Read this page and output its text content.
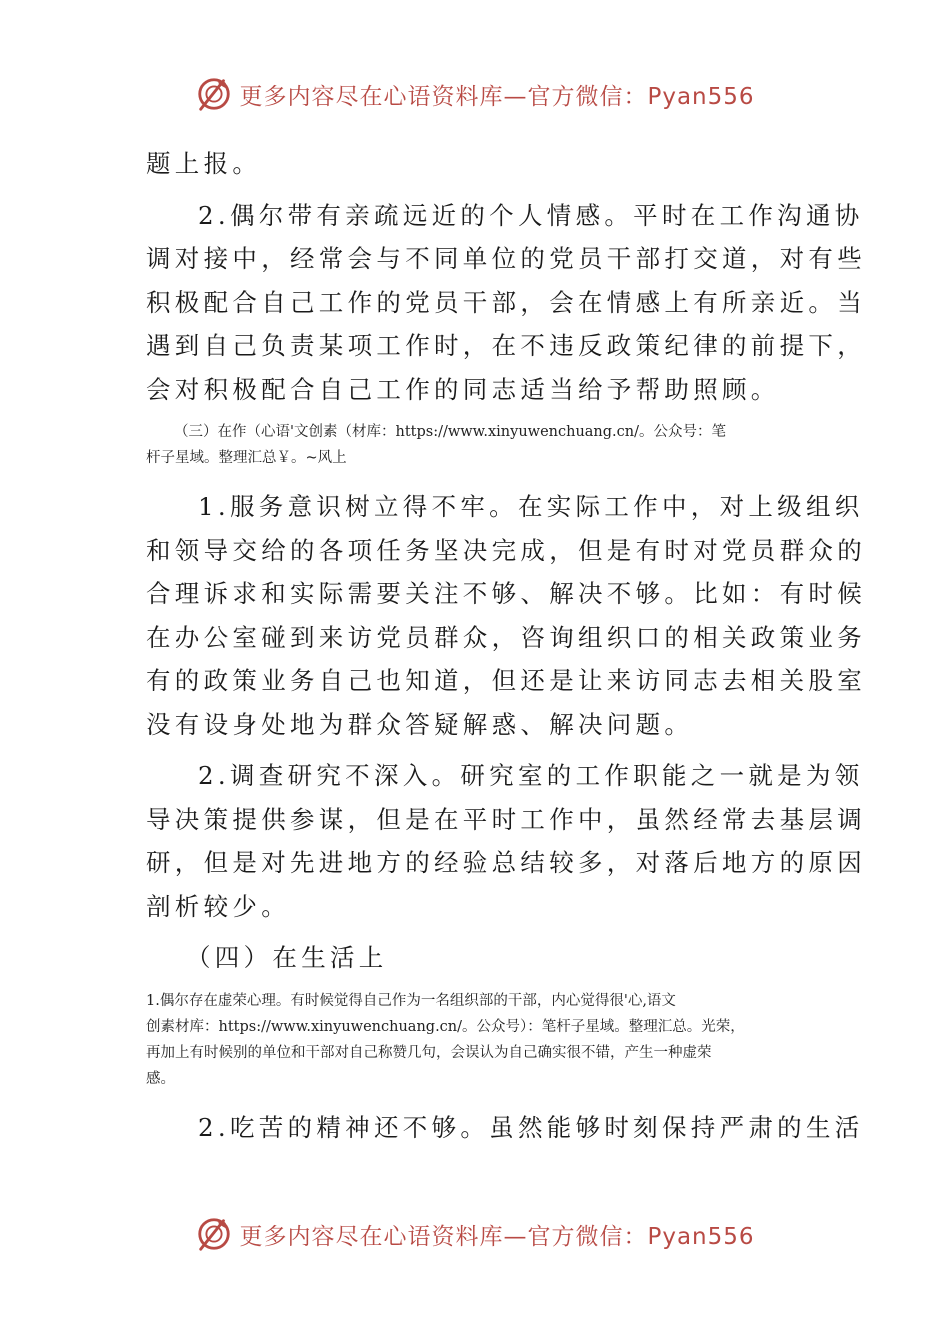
更多内容尽在心语资料库—官方微信：Pyan556

题上报。

2.偶尔带有亲疏远近的个人情感。平时在工作沟通协

调对接中，经常会与不同单位的党员干部打交道，对有些

积极配合自己工作的党员干部，会在情感上有所亲近。当

遇到自己负责某项工作时，在不违反政策纪律的前提下，

会对积极配合自己工作的同志适当给予帮助照顾。

（三）在作（心语'文创素（材库：https://www.xinyuwenchuang.cn/。公众号：笔

杆子星域。整理汇总￥。~风上

1.服务意识树立得不牢。在实际工作中，对上级组织

和领导交给的各项任务坚决完成，但是有时对党员群众的

合理诉求和实际需要关注不够、解决不够。比如：有时候

在办公室碰到来访党员群众，咨询组织口的相关政策业务

有的政策业务自己也知道，但还是让来访同志去相关股室

没有设身处地为群众答疑解惑、解决问题。

2.调查研究不深入。研究室的工作职能之一就是为领

导决策提供参谋，但是在平时工作中，虽然经常去基层调

研，但是对先进地方的经验总结较多，对落后地方的原因

剖析较少。

（四）在生活上

1.偶尔存在虚荣心理。有时候觉得自己作为一名组织部的干部，内心觉得很'心,语文

创素材库：https://www.xinyuwenchuang.cn/。公众号）：笔杆子星域。整理汇总。光荣，

再加上有时候别的单位和干部对自己称赞几句，会误认为自己确实很不错，产生一种虚荣

感。

2.吃苦的精神还不够。虽然能够时刻保持严肃的生活

更多内容尽在心语资料库—官方微信：Pyan556
